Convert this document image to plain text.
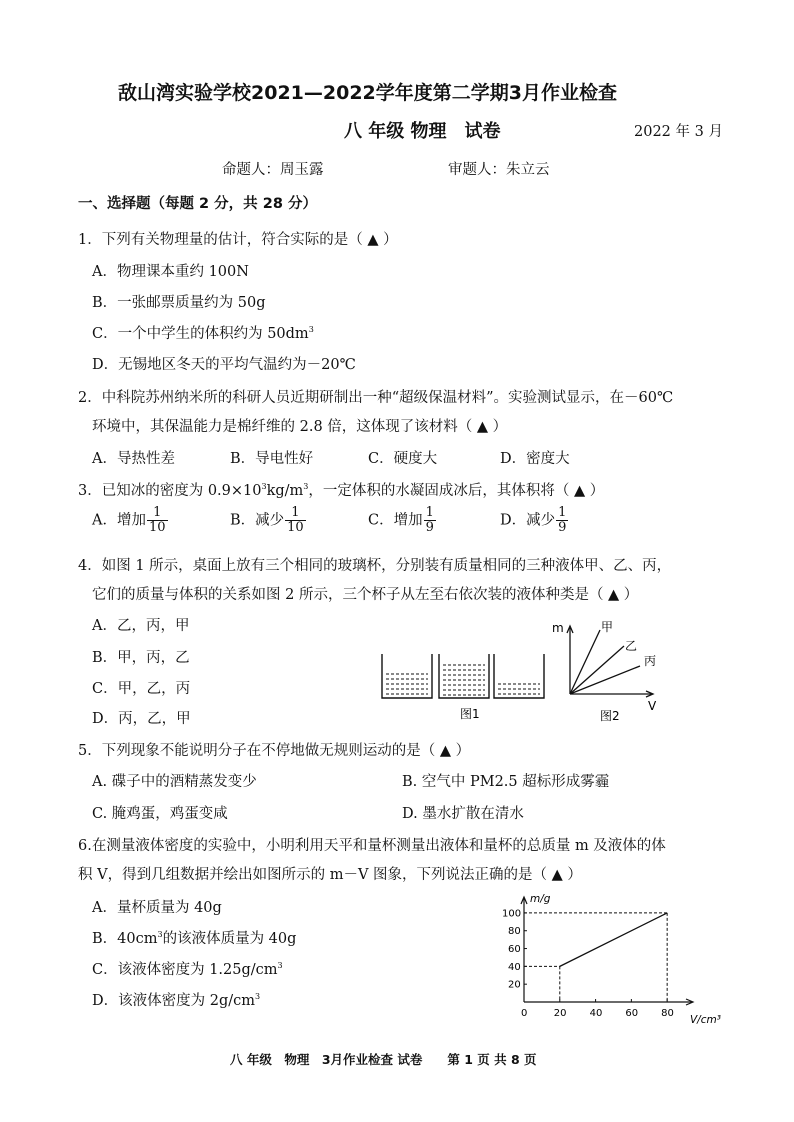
敌山湾实验学校2021—2022学年度第二学期3月作业检查
八 年级 物理　试卷	2022 年 3 月
命题人：周玉露	审题人：朱立云
一、选择题（每题 2 分，共 28 分）
1．下列有关物理量的估计，符合实际的是（ ▲ ）
A．物理课本重约 100N
B．一张邮票质量约为 50g
C．一个中学生的体积约为 $50dm^3$
D．无锡地区冬天的平均气温约为－20℃
2．中科院苏州纳米所的科研人员近期研制出一种“超级保温材料”。实验测试显示，在－60℃
环境中，其保温能力是棉纤维的 2.8 倍，这体现了该材料（ ▲ ）
A．导热性差	B．导电性好	C．硬度大	D．密度大
3．已知冰的密度为 $0.9\times 10^3kg/m^3$，一定体积的水凝固成冰后，其体积将（ ▲ ）
A．增加 $\frac{1}{10}$	B．减少 $\frac{1}{10}$	C．增加 $\frac{1}{9}$	D．减少 $\frac{1}{9}$
4．如图 1 所示，桌面上放有三个相同的玻璃杯，分别装有质量相同的三种液体甲、乙、丙，
它们的质量与体积的关系如图 2 所示，三个杯子从左至右依次装的液体种类是（ ▲ ）
A．乙，丙，甲
B．甲，丙，乙
C．甲，乙，丙
D．丙，乙，甲	图1
m
V
甲
乙
丙
图2
5．下列现象不能说明分子在不停地做无规则运动的是（ ▲ ）
A. 碟子中的酒精蒸发变少	B. 空气中 PM2.5 超标形成雾霾
C. 腌鸡蛋，鸡蛋变咸	D. 墨水扩散在清水
6.在测量液体密度的实验中，小明利用天平和量杯测量出液体和量杯的总质量 m 及液体的体
积 V，得到几组数据并绘出如图所示的 m－V 图象，下列说法正确的是（ ▲ ）
A．量杯质量为 40g
B．$40cm^3$的该液体质量为 40g
C．该液体密度为 $1.25g/cm^3$
D．该液体密度为 $2g/cm^3$
m/g
V/cm³
0	20 40 60 80
20
40
60
80
100
八 年级　物理　3月作业检查 试卷　　第 1 页 共 8 页
